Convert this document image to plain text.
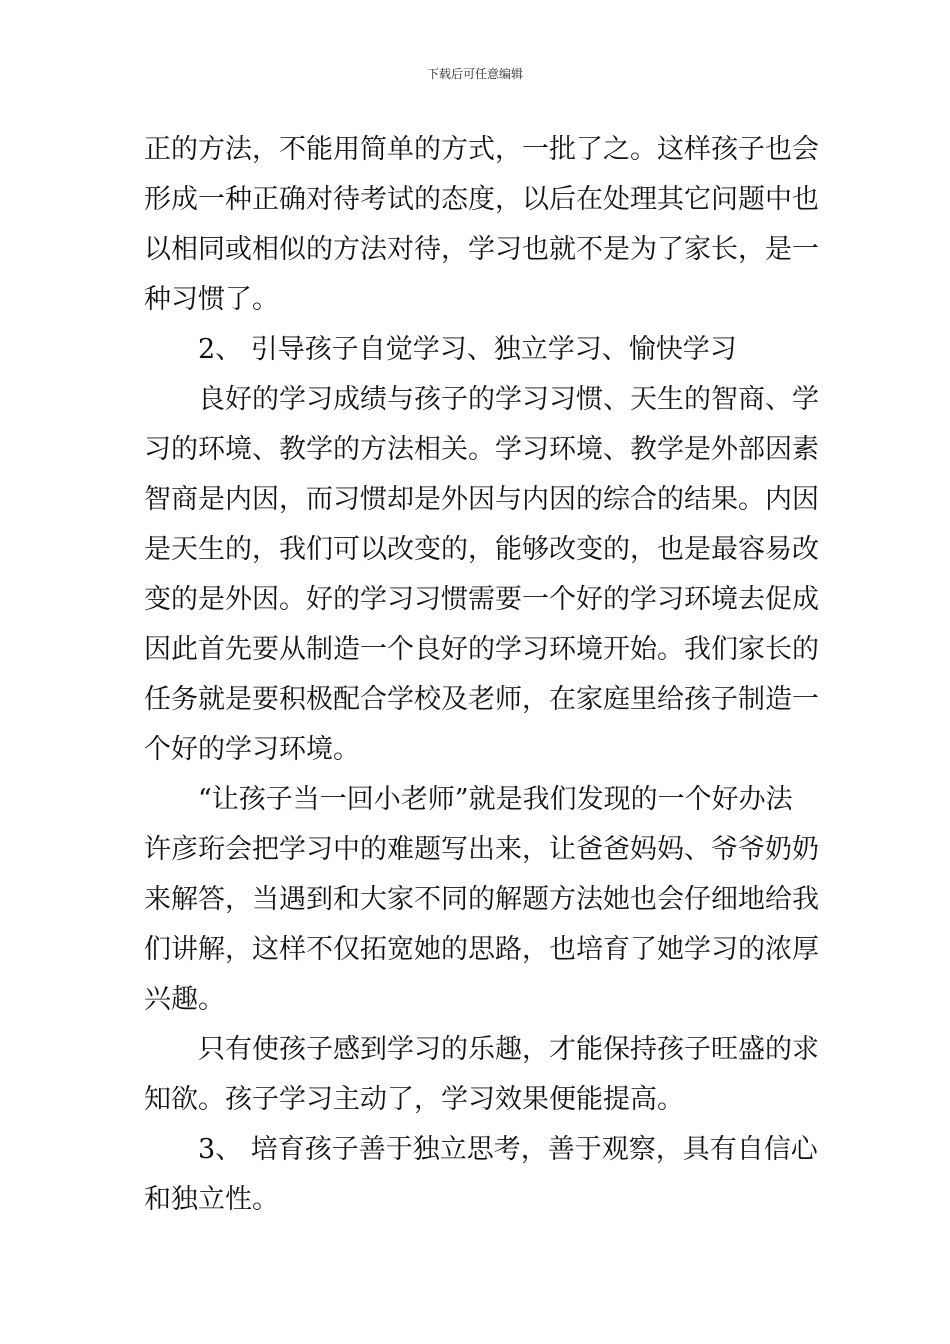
下载后可任意编辑
正的方法，不能用简单的方式，一批了之。这样孩子也会
形成一种正确对待考试的态度，以后在处理其它问题中也
以相同或相似的方法对待，学习也就不是为了家长，是一
种习惯了。
2、 引导孩子自觉学习、独立学习、愉快学习
良好的学习成绩与孩子的学习习惯、天生的智商、学
习的环境、教学的方法相关。学习环境、教学是外部因素
智商是内因，而习惯却是外因与内因的综合的结果。内因
是天生的，我们可以改变的，能够改变的，也是最容易改
变的是外因。好的学习习惯需要一个好的学习环境去促成
因此首先要从制造一个良好的学习环境开始。我们家长的
任务就是要积极配合学校及老师，在家庭里给孩子制造一
个好的学习环境。
“让孩子当一回小老师”就是我们发现的一个好办法
许彦珩会把学习中的难题写出来，让爸爸妈妈、爷爷奶奶
来解答，当遇到和大家不同的解题方法她也会仔细地给我
们讲解，这样不仅拓宽她的思路，也培育了她学习的浓厚
兴趣。
只有使孩子感到学习的乐趣，才能保持孩子旺盛的求
知欲。孩子学习主动了，学习效果便能提高。
3、 培育孩子善于独立思考，善于观察，具有自信心
和独立性。
